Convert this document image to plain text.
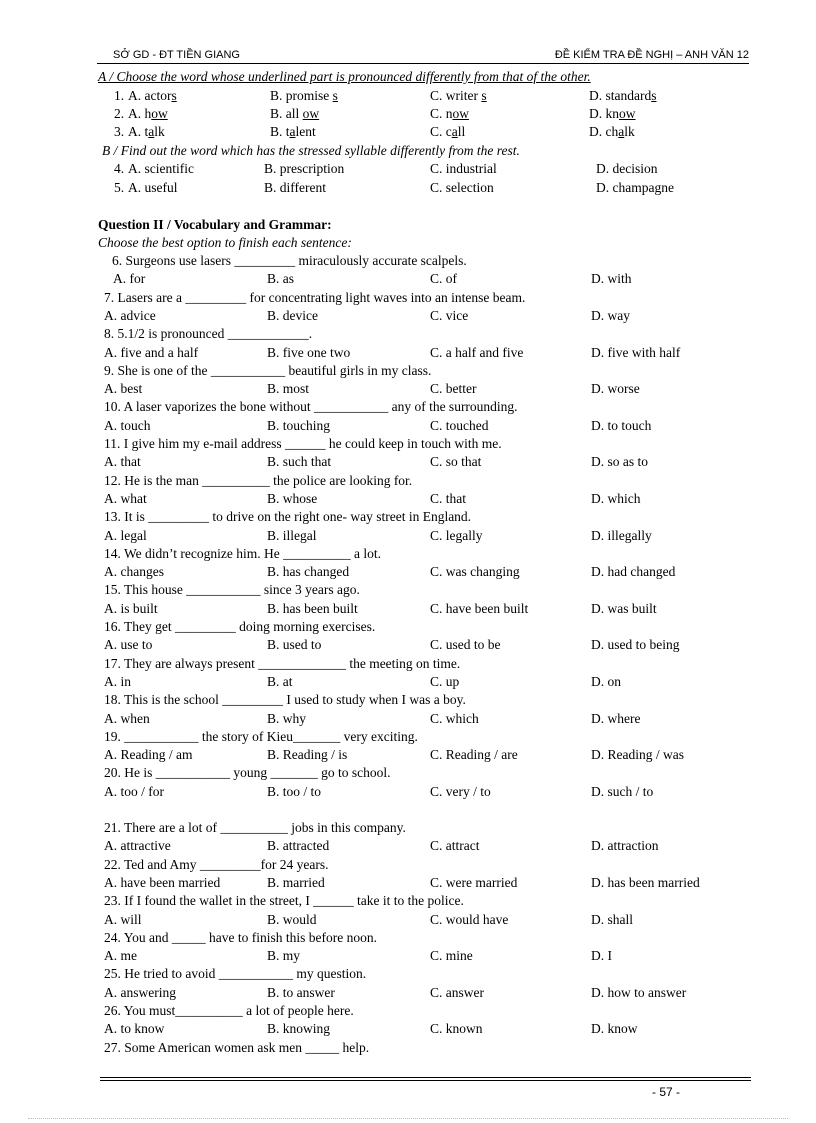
SỞ GD - ĐT TIỀN GIANG	ĐỀ KIỂM TRA ĐỀ NGHỊ – ANH VĂN 12
A / Choose the word whose underlined part is pronounced differently from that of the other.
1. A. actors	B. promise s	C. writer s	D. standards
2. A. how	B. all ow	C. now	D. know
3. A. talk	B. talent	C. call	D. chalk
B / Find out the word which has the stressed syllable differently from the rest.
4. A. scientific	B. prescription	C. industrial	D. decision
5. A. useful	B. different	C. selection	D. champagne
Question II / Vocabulary and Grammar:
Choose the best option to finish each sentence:
6. Surgeons use lasers _________ miraculously accurate scalpels.
A. for	B. as	C. of	D. with
7. Lasers are a _________ for concentrating light waves into an intense beam.
A. advice	B. device	C. vice	D. way
8. 5.1/2 is pronounced ____________.
A. five and a half	B. five one two	C. a half and five	D. five with half
9. She is one of the ___________ beautiful girls in my class.
A. best	B. most	C. better	D. worse
10. A laser vaporizes the bone without ___________ any of the surrounding.
A. touch	B. touching	C. touched	D. to touch
11. I give him my e-mail address ______ he could keep in touch with me.
A. that	B. such that	C. so that	D. so as to
12. He is the man __________ the police are looking for.
A. what	B. whose	C. that	D. which
13. It is _________ to drive on the right one- way street in England.
A. legal	B. illegal	C. legally	D. illegally
14. We didn’t recognize him. He __________ a lot.
A. changes	B. has changed	C. was changing	D. had changed
15. This house ___________ since 3 years ago.
A. is built	B. has been built	C. have been built	D. was built
16. They get _________ doing morning exercises.
A. use to	B. used to	C. used to be	D. used to being
17. They are always present _____________ the meeting on time.
A. in	B. at	C. up	D. on
18. This is the school _________ I used to study when I was a boy.
A. when	B. why	C. which	D. where
19. ___________ the story of Kieu_______ very exciting.
A. Reading / am	B. Reading / is	C. Reading / are	D. Reading / was
20. He is ___________ young _______ go to school.
A. too / for	B. too / to	C. very / to	D. such / to
21. There are a lot of __________ jobs in this company.
A. attractive	B. attracted	C. attract	D. attraction
22. Ted and Amy _________for 24 years.
A. have been married	B. married	C. were married	D. has been married
23. If I found the wallet in the street, I ______ take it to the police.
A. will	B. would	C. would have	D. shall
24. You and _____ have to finish this before noon.
A. me	B. my	C. mine	D. I
25. He tried to avoid ___________ my question.
A. answering	B. to answer	C. answer	D. how to answer
26. You must__________ a lot of people here.
A. to know	B. knowing	C. known	D. know
27. Some American women ask men _____ help.
- 57 -
